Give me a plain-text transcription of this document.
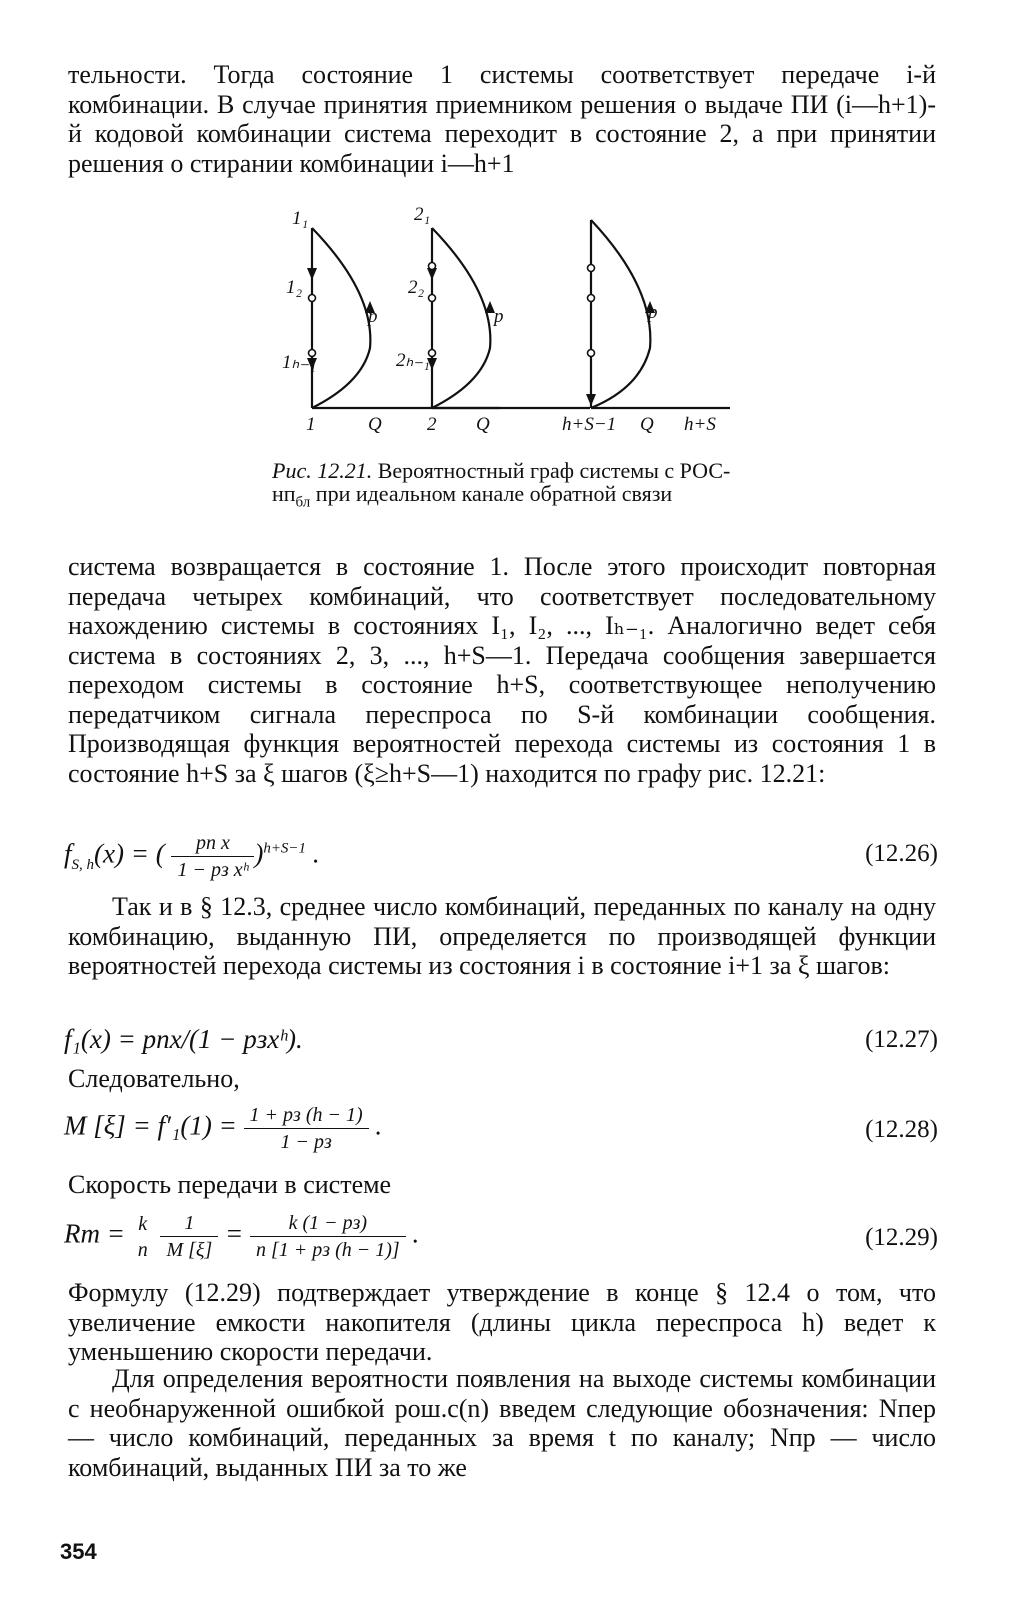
тельности. Тогда состояние 1 системы соответствует передаче i-й комбинации. В случае принятия приемником решения о выдаче ПИ (i—h+1)-й кодовой комбинации система переходит в состояние 2, а при принятии решения о стирании комбинации i—h+1

1₁
1₂
1ₕ₋₁
p
1	Q
2₁
2₂
2ₕ₋₁
p
2 Q
p
h+S−1 Q h+S
Рис. 12.21. Вероятностный граф системы с РОС-$нп_{бл}$ при идеальном канале обратной связи

система возвращается в состояние 1. После этого происходит повторная передача четырех комбинаций, что соответствует последовательному нахождению системы в состояниях I₁, I₂, ..., Iₕ₋₁. Аналогично ведет себя система в состояниях 2, 3, ..., h+S—1. Передача сообщения завершается переходом системы в состояние h+S, соответствующее неполучению передатчиком сигнала переспроса по S-й комбинации сообщения. Производящая функция вероятностей перехода системы из состояния 1 в состояние h+S за ξ шагов (ξ≥h+S—1) находится по графу рис. 12.21:

$f_{S, h}(x)$ = ( $\frac{\text{pп x}}{\text{1 − pз xʰ}} )^{h+S-1}$ .	(12.26)

Так и в § 12.3, среднее число комбинаций, переданных по каналу на одну комбинацию, выданную ПИ, определяется по производящей функции вероятностей перехода системы из состояния i в состояние i+1 за ξ шагов:

f₁(x) = pпx/(1 − pзxʰ).	(12.27)

Следовательно,

M $[\xi] = f'_1(1) = \frac{1 + pз (h - 1)}{1 - pз}$ .	(12.28)

Скорость передачи в системе

Rт = k
n
$\frac{1}{M [\xi]} = \frac{k (1 - pз)}{n [1 + pз (h - 1)]}$ .	(12.29)

Формулу (12.29) подтверждает утверждение в конце § 12.4 о том, что увеличение емкости накопителя (длины цикла переспроса h) ведет к уменьшению скорости передачи.

Для определения вероятности появления на выходе системы комбинации с необнаруженной ошибкой pош.с(n) введем следующие обозначения: Nпер — число комбинаций, переданных за время t по каналу; Nпр — число комбинаций, выданных ПИ за то же

354
